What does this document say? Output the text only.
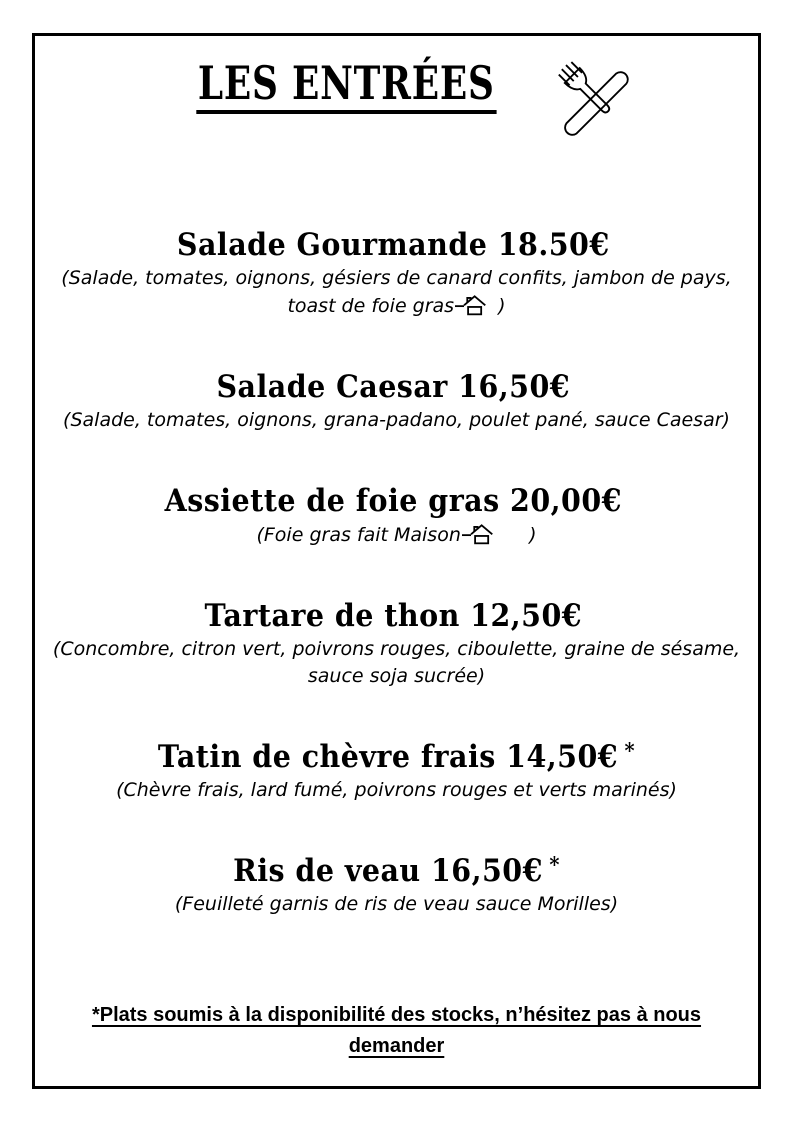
LES ENTRÉES
Salade Gourmande 18.50€
(Salade, tomates, oignons, gésiers de canard confits, jambon de pays, toast de foie gras )
Salade Caesar 16,50€
(Salade, tomates, oignons, grana-padano, poulet pané, sauce Caesar)
Assiette de foie gras 20,00€
(Foie gras fait Maison     )
Tartare de thon 12,50€
(Concombre, citron vert, poivrons rouges, ciboulette, graine de sésame, sauce soja sucrée)
Tatin de chèvre frais 14,50€ *
(Chèvre frais, lard fumé, poivrons rouges et verts marinés)
Ris de veau 16,50€ *
(Feuilleté garnis de ris de veau sauce Morilles)
*Plats soumis à la disponibilité des stocks, n’hésitez pas à nous demander
